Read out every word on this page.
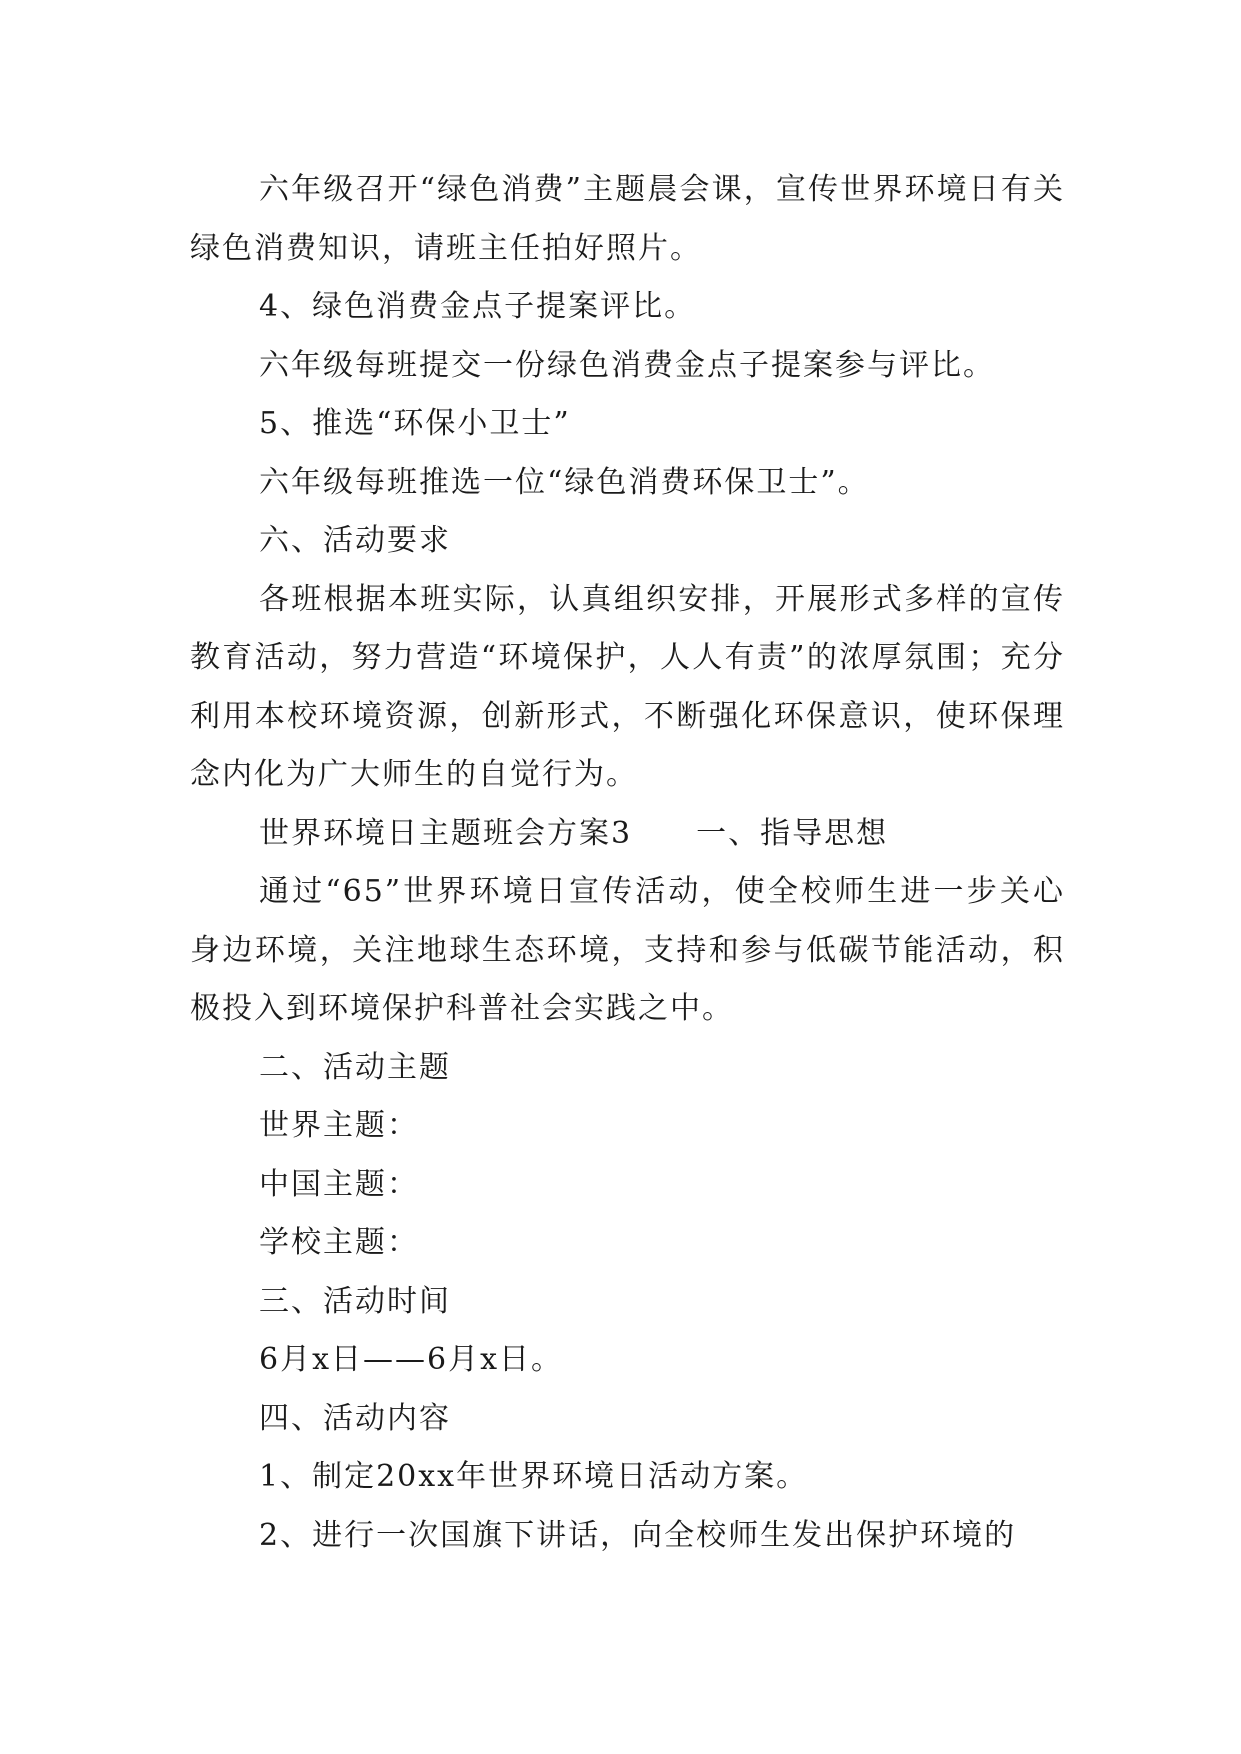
六年级召开“绿色消费”主题晨会课，宣传世界环境日有关绿色消费知识，请班主任拍好照片。

4、绿色消费金点子提案评比。

六年级每班提交一份绿色消费金点子提案参与评比。

5、推选“环保小卫士”

六年级每班推选一位“绿色消费环保卫士”。

六、活动要求

各班根据本班实际，认真组织安排，开展形式多样的宣传教育活动，努力营造“环境保护，人人有责”的浓厚氛围；充分利用本校环境资源，创新形式，不断强化环保意识，使环保理念内化为广大师生的自觉行为。

世界环境日主题班会方案3　　一、指导思想

通过“65”世界环境日宣传活动，使全校师生进一步关心身边环境，关注地球生态环境，支持和参与低碳节能活动，积极投入到环境保护科普社会实践之中。

二、活动主题

世界主题：

中国主题：

学校主题：

三、活动时间

6月x日——6月x日。

四、活动内容

1、制定20xx年世界环境日活动方案。

2、进行一次国旗下讲话，向全校师生发出保护环境的
